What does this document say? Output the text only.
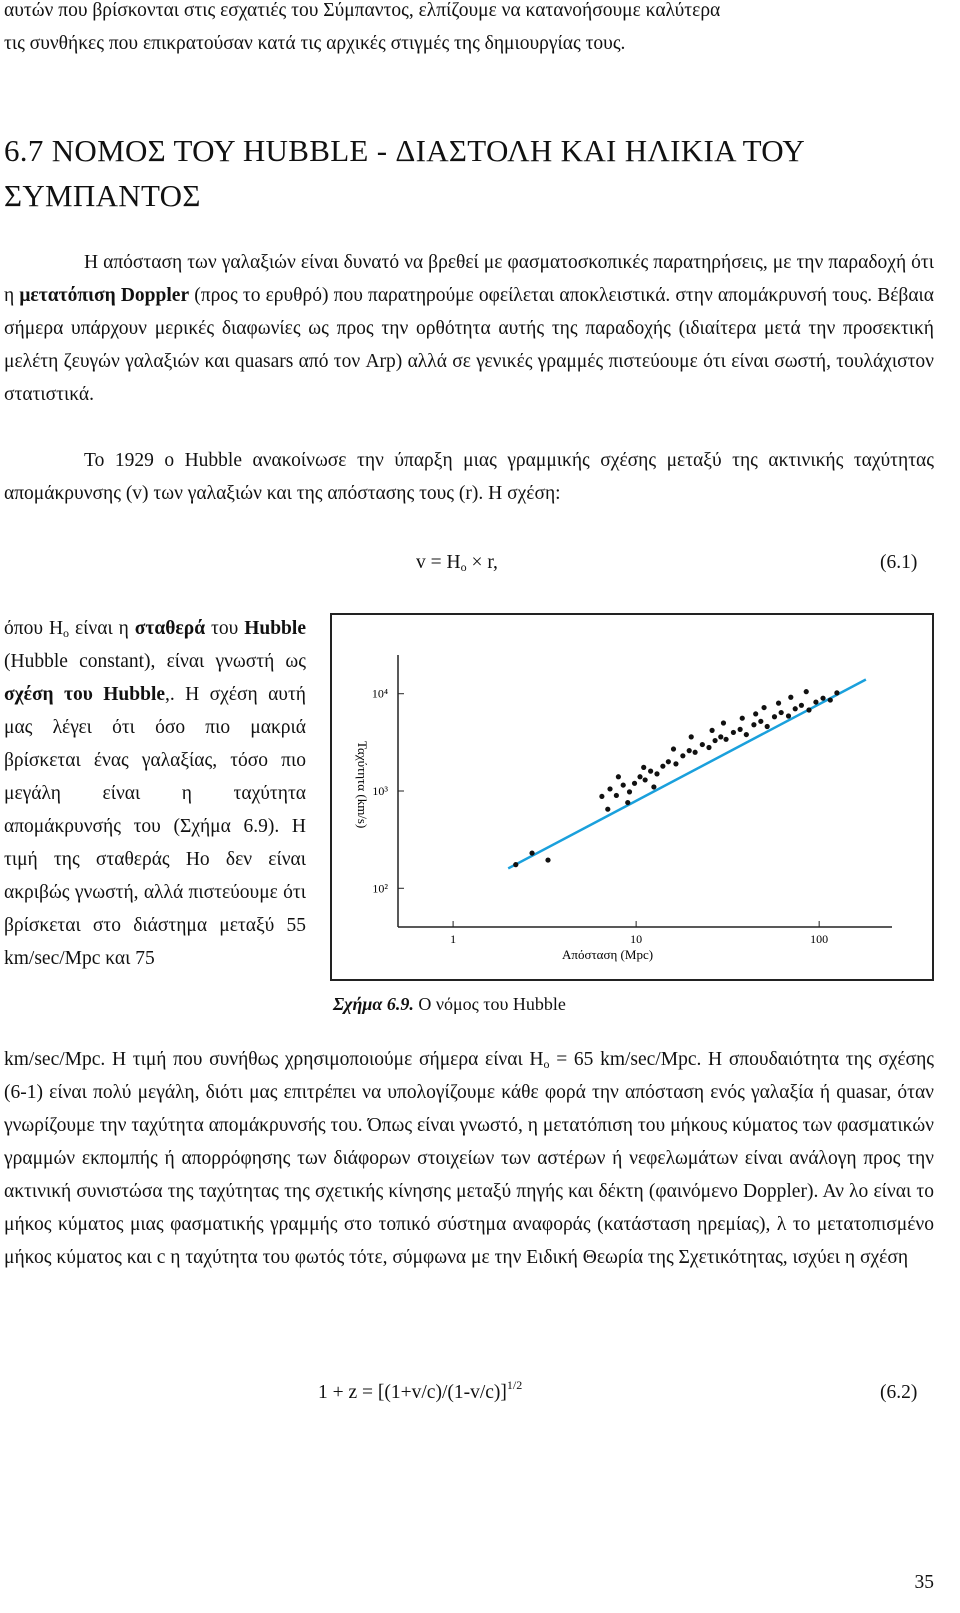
αυτών που βρίσκονται στις εσχατιές του Σύμπαντος, ελπίζουμε να κατανοήσουμε καλύτερα

τις συνθήκες που επικρατούσαν κατά τις αρχικές στιγμές της δημιουργίας τους.

6.7 ΝΟΜΟΣ ΤΟΥ HUBBLE - ΔΙΑΣΤΟΛΗ ΚΑΙ ΗΛΙΚΙΑ ΤΟΥ ΣΥΜΠΑΝΤΟΣ

Η απόσταση των γαλαξιών είναι δυνατό να βρεθεί με φασματοσκοπικές παρατηρήσεις, με την παραδοχή ότι η μετατόπιση Doppler (προς το ερυθρό) που παρατηρούμε οφείλεται αποκλειστικά. στην απομάκρυνσή τους. Βέβαια σήμερα υπάρχουν μερικές διαφωνίες ως προς την ορθότητα αυτής της παραδοχής (ιδιαίτερα μετά την προσεκτική μελέτη ζευγών γαλαξιών και quasars από τον Arp) αλλά σε γενικές γραμμές πιστεύουμε ότι είναι σωστή, τουλάχιστον στατιστικά.

Το 1929 ο Hubble ανακοίνωσε την ύπαρξη μιας γραμμικής σχέσης μεταξύ της ακτινικής ταχύτητας απομάκρυνσης (v) των γαλαξιών και της απόστασης τους (r). Η σχέση:

$v = H_o \times r$,	(6.1)

όπου $H_o$ είναι η σταθερά του Hubble (Hubble constant), είναι γνωστή ως σχέση του Hubble,. Η σχέση αυτή μας λέγει ότι όσο πιο μακριά βρίσκεται ένας γαλαξίας, τόσο πιο μεγάλη είναι η ταχύτητα απομάκρυνσής του (Σχήμα 6.9). Η τιμή της σταθεράς Ho δεν είναι ακριβώς γνωστή, αλλά πιστεύουμε ότι βρίσκεται στο διάστημα μεταξύ 55 km/sec/Mpc και 75

Ταχύτητα (km/s)
Απόσταση (Mpc)
1	10	100
10²
10³
10⁴
Σχήμα 6.9. Ο νόμος του Hubble

km/sec/Mpc. Η τιμή που συνήθως χρησιμοποιούμε σήμερα είναι $H_o = 65$ km/sec/Mpc. Η σπουδαιότητα της σχέσης (6-1) είναι πολύ μεγάλη, διότι μας επιτρέπει να υπολογίζουμε κάθε φορά την απόσταση ενός γαλαξία ή quasar, όταν γνωρίζουμε την ταχύτητα απομάκρυνσής του. Όπως είναι γνωστό, η μετατόπιση του μήκους κύματος των φασματικών γραμμών εκπομπής ή απορρόφησης των διάφορων στοιχείων των αστέρων ή νεφελωμάτων είναι ανάλογη προς την ακτινική συνιστώσα της ταχύτητας της σχετικής κίνησης μεταξύ πηγής και δέκτη (φαινόμενο Doppler). Αν λο είναι το μήκος κύματος μιας φασματικής γραμμής στο τοπικό σύστημα αναφοράς (κατάσταση ηρεμίας), λ το μετατοπισμένο μήκος κύματος και c η ταχύτητα του φωτός τότε, σύμφωνα με την Ειδική Θεωρία της Σχετικότητας, ισχύει η σχέση

$1 + z = [(1+v/c)/(1-v/c)]^{1/2}$	(6.2)
35
